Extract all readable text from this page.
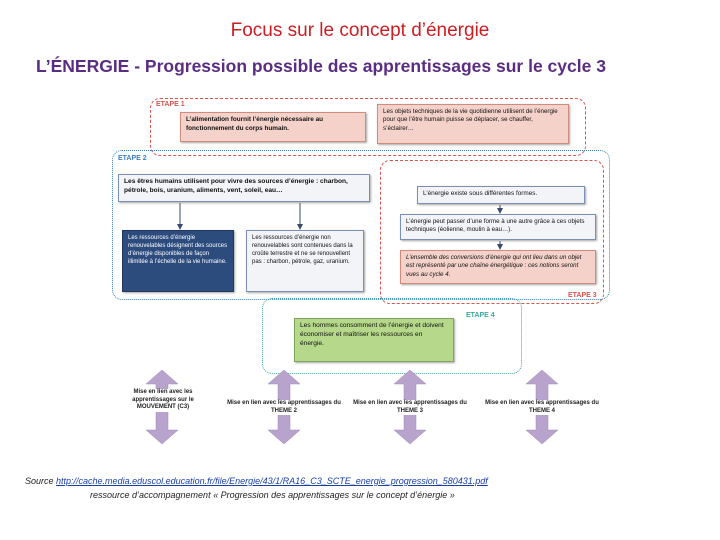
Focus sur le concept d’énergie
L’ÉNERGIE - Progression possible des apprentissages sur le cycle 3
ETAPE 1
ETAPE 2
ETAPE 3
ETAPE 4
L’alimentation fournit l’énergie nécessaire au fonctionnement du corps humain.
Les objets techniques de la vie quotidienne utilisent de l’énergie pour que l’être humain puisse se déplacer, se chauffer, s’éclairer…
Les êtres humains utilisent pour vivre des sources d’énergie : charbon, pétrole, bois, uranium, aliments, vent, soleil, eau…
Les ressources d’énergie renouvelables désignent des sources d’énergie disponibles de façon illimitée à l’échelle de la vie humaine.
Les ressources d’énergie non renouvelables sont contenues dans la croûte terrestre et ne se renouvellent pas : charbon, pétrole, gaz, uranium.
L’énergie existe sous différentes formes.
L’énergie peut passer d’une forme à une autre grâce à ces objets techniques (éolienne, moulin à eau…).
L’ensemble des conversions d’énergie qui ont lieu dans un objet est représenté par une chaîne énergétique : ces notions seront vues au cycle 4.
Les hommes consomment de l’énergie et doivent économiser et maîtriser les ressources en énergie.
Mise en lien avec les apprentissages sur le MOUVEMENT (C3)
Mise en lien avec les apprentissages du THEME 2
Mise en lien avec les apprentissages du THEME 3
Mise en lien avec les apprentissages du THEME 4
Source http://cache.media.eduscol.education.fr/file/Energie/43/1/RA16_C3_SCTE_energie_progression_580431.pdf
ressource d’accompagnement « Progression des apprentissages sur le concept d’énergie »
